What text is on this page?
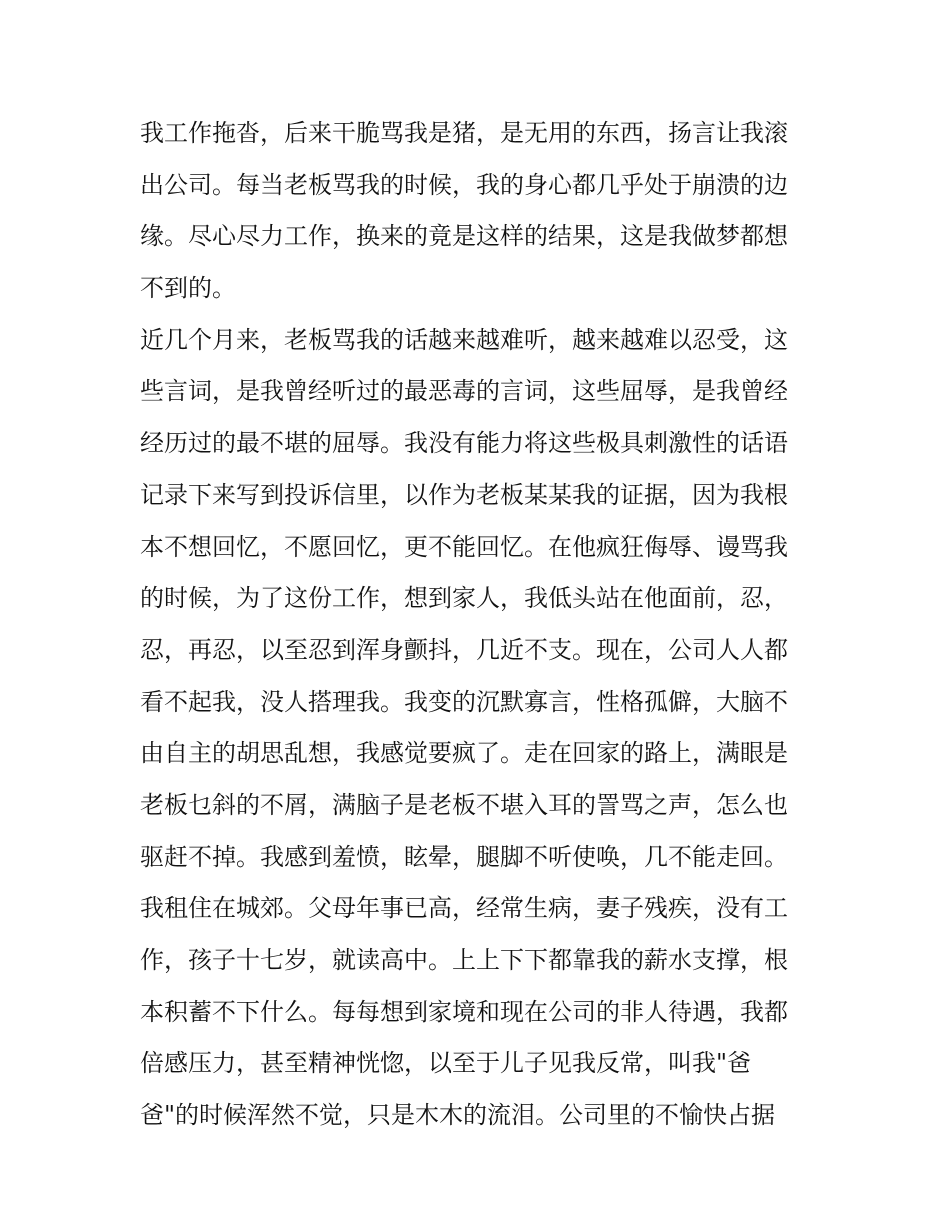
我工作拖沓，后来干脆骂我是猪，是无用的东西，扬言让我滚
出公司。每当老板骂我的时候，我的身心都几乎处于崩溃的边
缘。尽心尽力工作，换来的竟是这样的结果，这是我做梦都想
不到的。
近几个月来，老板骂我的话越来越难听，越来越难以忍受，这
些言词，是我曾经听过的最恶毒的言词，这些屈辱，是我曾经
经历过的最不堪的屈辱。我没有能力将这些极具刺激性的话语
记录下来写到投诉信里，以作为老板某某我的证据，因为我根
本不想回忆，不愿回忆，更不能回忆。在他疯狂侮辱、谩骂我
的时候，为了这份工作，想到家人，我低头站在他面前，忍，
忍，再忍，以至忍到浑身颤抖，几近不支。现在，公司人人都
看不起我，没人搭理我。我变的沉默寡言，性格孤僻，大脑不
由自主的胡思乱想，我感觉要疯了。走在回家的路上，满眼是
老板乜斜的不屑，满脑子是老板不堪入耳的詈骂之声，怎么也
驱赶不掉。我感到羞愤，眩晕，腿脚不听使唤，几不能走回。
我租住在城郊。父母年事已高，经常生病，妻子残疾，没有工
作，孩子十七岁，就读高中。上上下下都靠我的薪水支撑，根
本积蓄不下什么。每每想到家境和现在公司的非人待遇，我都
倍感压力，甚至精神恍惚，以至于儿子见我反常，叫我"爸
爸"的时候浑然不觉，只是木木的流泪。公司里的不愉快占据
